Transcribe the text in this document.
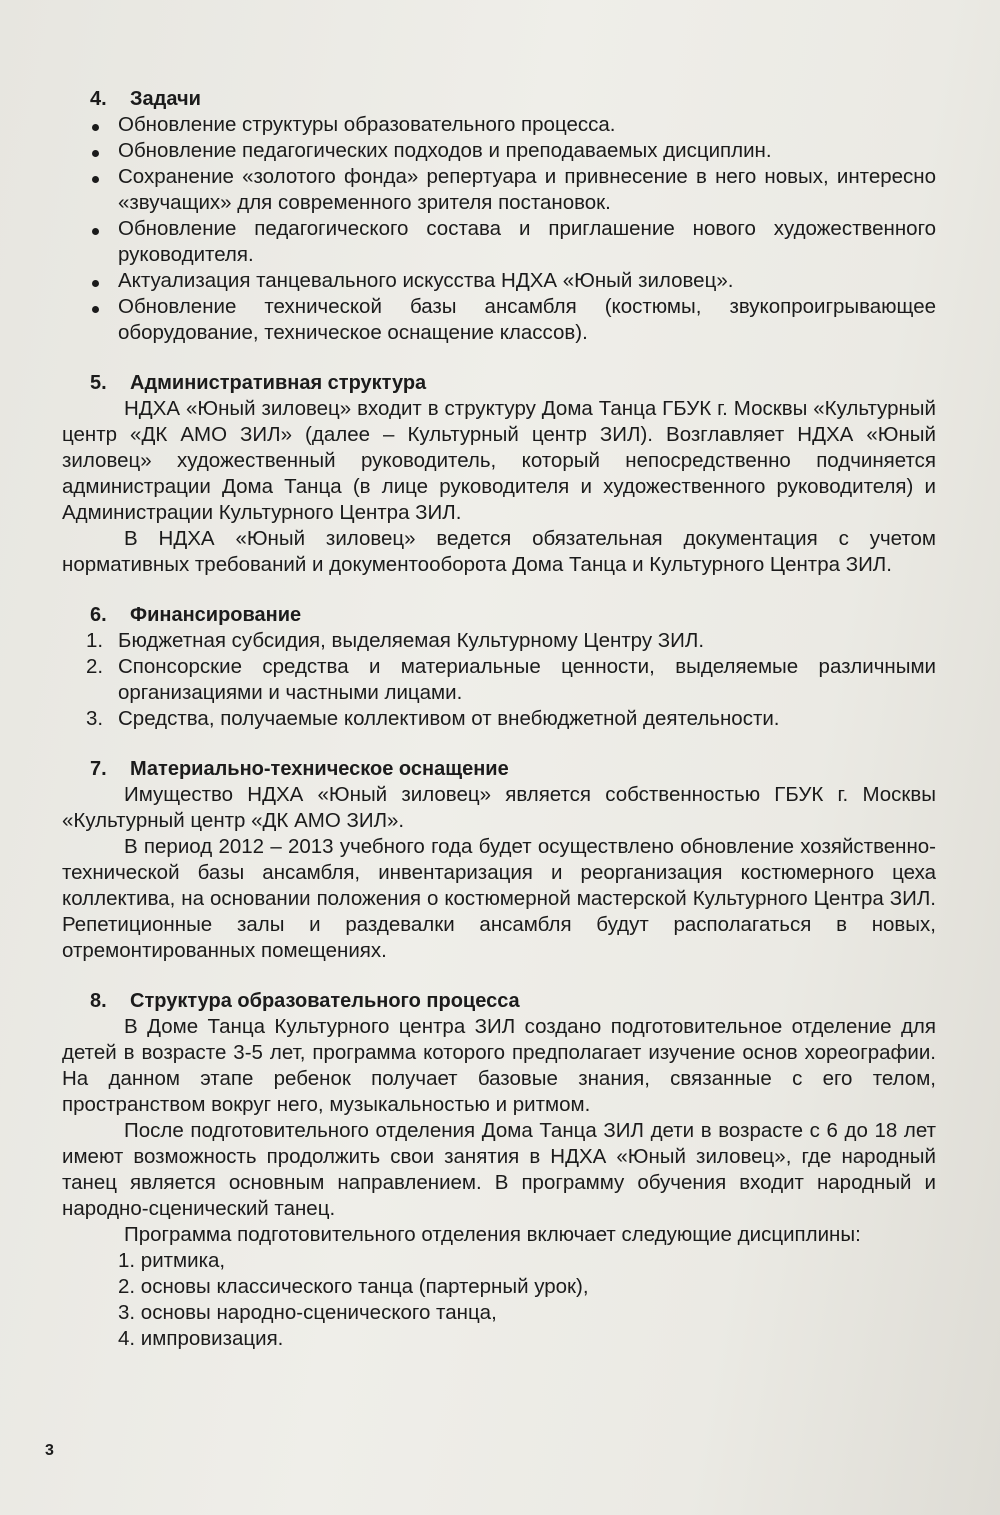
4.	Задачи
Обновление структуры образовательного процесса.
Обновление педагогических подходов и преподаваемых дисциплин.
Сохранение «золотого фонда» репертуара и привнесение в него новых, интересно «звучащих» для современного зрителя постановок.
Обновление педагогического состава и приглашение нового художественного руководителя.
Актуализация танцевального искусства НДХА «Юный зиловец».
Обновление технической базы ансамбля (костюмы, звукопроигрывающее оборудование, техническое оснащение классов).
5.	Административная структура

НДХА «Юный зиловец» входит в структуру Дома Танца ГБУК г. Москвы «Культурный центр «ДК АМО ЗИЛ» (далее – Культурный центр ЗИЛ). Возглавляет НДХА «Юный зиловец» художественный руководитель, который непосредственно подчиняется администрации Дома Танца (в лице руководителя и художественного руководителя) и Администрации Культурного Центра ЗИЛ.

В НДХА «Юный зиловец» ведется обязательная документация с учетом нормативных требований и документооборота Дома Танца и Культурного Центра ЗИЛ.

6.	Финансирование
1. Бюджетная субсидия, выделяемая Культурному Центру ЗИЛ.
2. Спонсорские средства и материальные ценности, выделяемые различными организациями и частными лицами.
3. Средства, получаемые коллективом от внебюджетной деятельности.
7.	Материально-техническое оснащение

Имущество НДХА «Юный зиловец» является собственностью ГБУК г. Москвы «Культурный центр «ДК АМО ЗИЛ».

В период 2012 – 2013 учебного года будет осуществлено обновление хозяйственно-технической базы ансамбля, инвентаризация и реорганизация костюмерного цеха коллектива, на основании положения о костюмерной мастерской Культурного Центра ЗИЛ. Репетиционные залы и раздевалки ансамбля будут располагаться в новых, отремонтированных помещениях.

8.	Структура образовательного процесса

В Доме Танца Культурного центра ЗИЛ создано подготовительное отделение для детей в возрасте 3-5 лет, программа которого предполагает изучение основ хореографии. На данном этапе ребенок получает базовые знания, связанные с его телом, пространством вокруг него, музыкальностью и ритмом.

После подготовительного отделения Дома Танца ЗИЛ дети в возрасте с 6 до 18 лет имеют возможность продолжить свои занятия в НДХА «Юный зиловец», где народный танец является основным направлением. В программу обучения входит народный и народно-сценический танец.

Программа подготовительного отделения включает следующие дисциплины:

1. ритмика,
2. основы классического танца (партерный урок),
3. основы народно-сценического танца,
4. импровизация.
3
